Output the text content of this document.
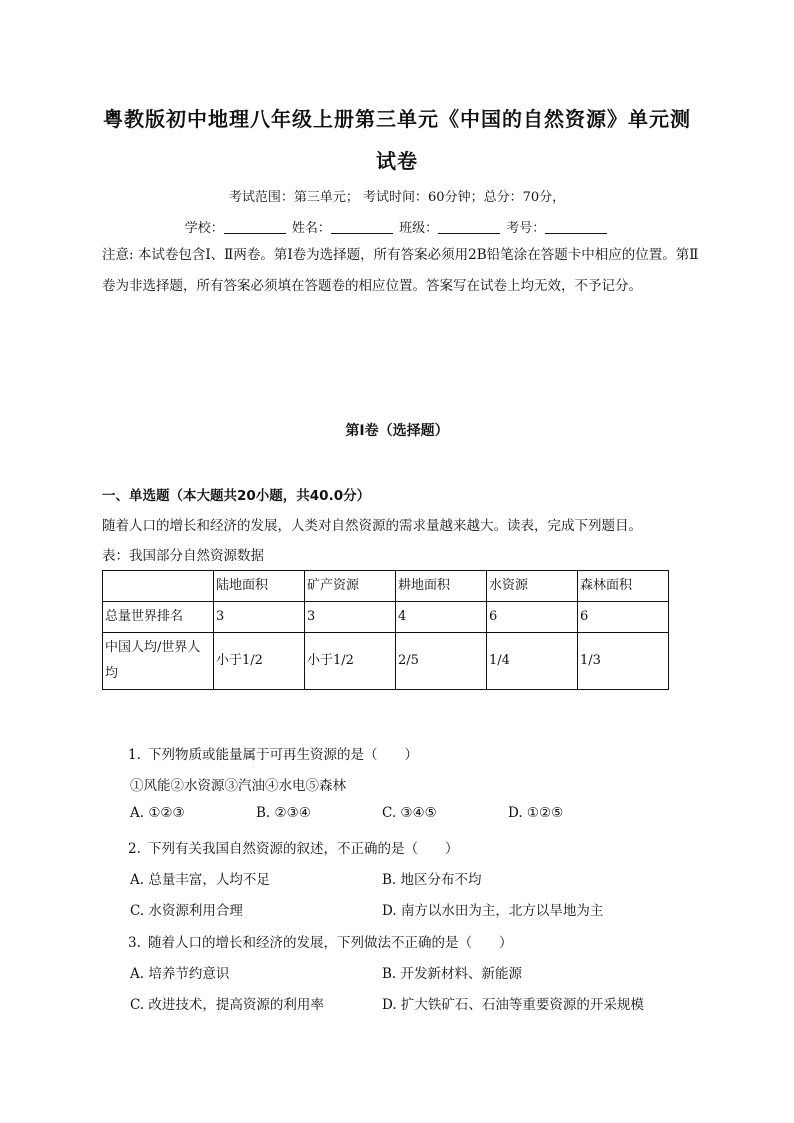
粤教版初中地理八年级上册第三单元《中国的自然资源》单元测
试卷
考试范围：第三单元； 考试时间：60分钟；总分：70分，
学校：	姓名：	班级：	考号：
注意: 本试卷包含Ⅰ、Ⅱ两卷。第Ⅰ卷为选择题，所有答案必须用2B铅笔涂在答题卡中相应的位置。第Ⅱ卷为非选择题，所有答案必须填在答题卷的相应位置。答案写在试卷上均无效，不予记分。
第Ⅰ卷（选择题）
一、单选题（本大题共20小题，共40.0分）
随着人口的增长和经济的发展，人类对自然资源的需求量越来越大。读表，完成下列题目。
表：我国部分自然资源数据
	陆地面积	矿产资源	耕地面积	水资源	森林面积
总量世界排名	3	3	4	6	6
中国人均/世界人均	小于1/2	小于1/2	2/5	1/4	1/3
1. 下列物质或能量属于可再生资源的是（　　）
①风能②水资源③汽油④水电⑤森林
A. ①②③	B. ②③④	C. ③④⑤	D. ①②⑤
2. 下列有关我国自然资源的叙述，不正确的是（　　）
A. 总量丰富，人均不足	B. 地区分布不均
C. 水资源利用合理	D. 南方以水田为主，北方以旱地为主
3. 随着人口的增长和经济的发展，下列做法不正确的是（　　）
A. 培养节约意识	B. 开发新材料、新能源
C. 改进技术，提高资源的利用率	D. 扩大铁矿石、石油等重要资源的开采规模
